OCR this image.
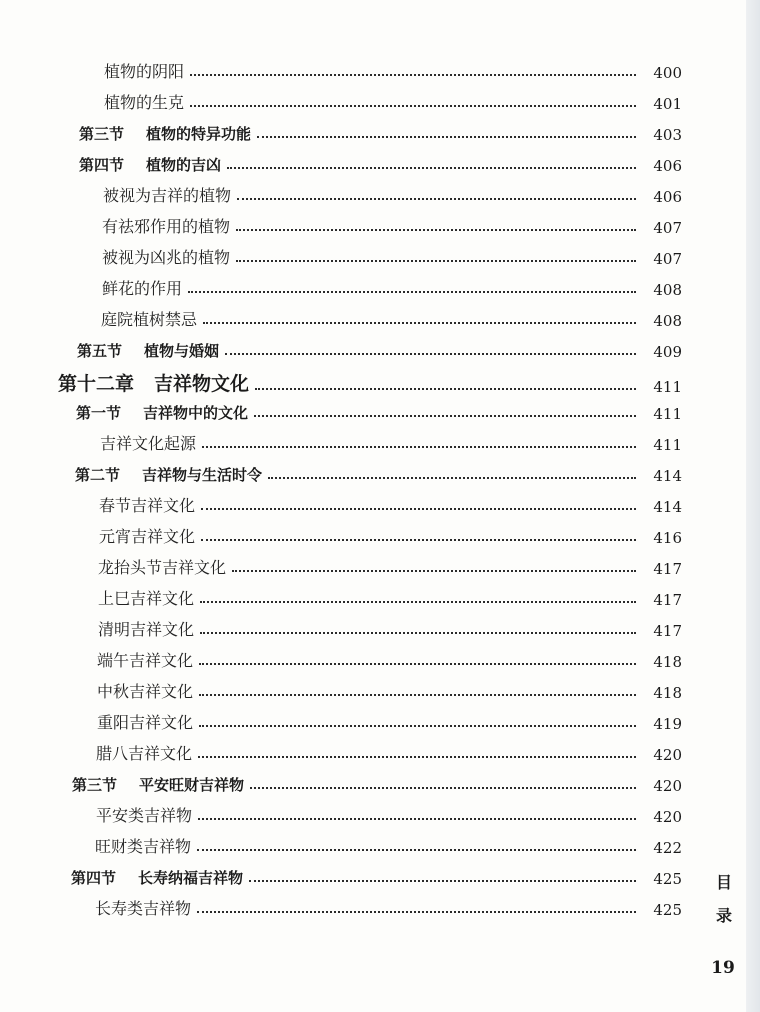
植物的阴阳	400
植物的生克	401
第三节 植物的特异功能	403
第四节 植物的吉凶	406
被视为吉祥的植物	406
有祛邪作用的植物	407
被视为凶兆的植物	407
鲜花的作用	408
庭院植树禁忌	408
第五节 植物与婚姻	409
第十二章 吉祥物文化	411
第一节 吉祥物中的文化	411
吉祥文化起源	411
第二节 吉祥物与生活时令	414
春节吉祥文化	414
元宵吉祥文化	416
龙抬头节吉祥文化	417
上巳吉祥文化	417
清明吉祥文化	417
端午吉祥文化	418
中秋吉祥文化	418
重阳吉祥文化	419
腊八吉祥文化	420
第三节 平安旺财吉祥物	420
平安类吉祥物	420
旺财类吉祥物	422
第四节 长寿纳福吉祥物	425
长寿类吉祥物	425
目
录
19
